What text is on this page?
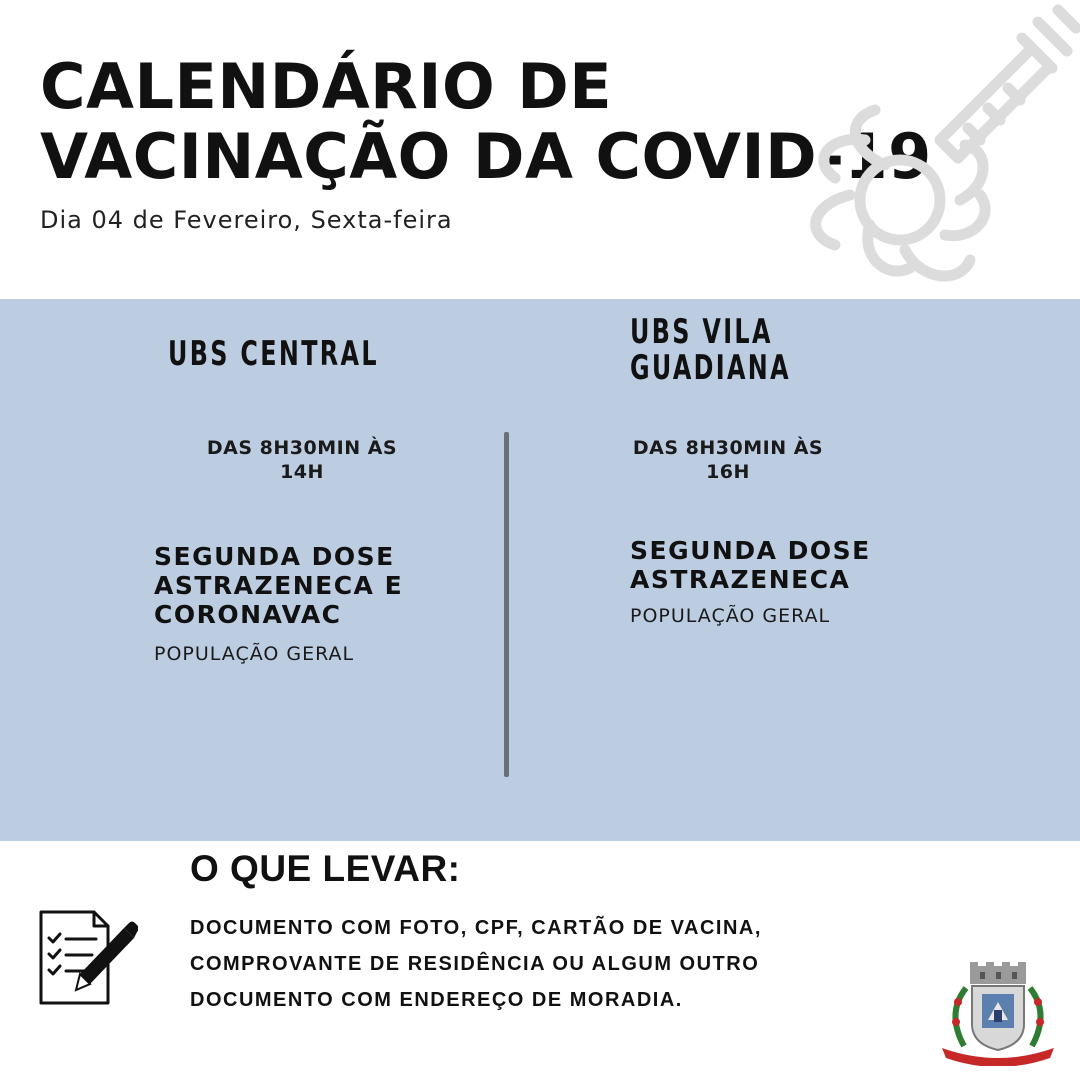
CALENDÁRIO DE
VACINAÇÃO DA COVID-19
Dia 04 de Fevereiro, Sexta-feira
UBS CENTRAL
DAS 8H30MIN ÀS
14H
SEGUNDA DOSE
ASTRAZENECA E
CORONAVAC
POPULAÇÃO GERAL
UBS VILA
GUADIANA
DAS 8H30MIN ÀS
16H
SEGUNDA DOSE
ASTRAZENECA
POPULAÇÃO GERAL
O QUE LEVAR:
DOCUMENTO COM FOTO, CPF, CARTÃO DE VACINA,
COMPROVANTE DE RESIDÊNCIA OU ALGUM OUTRO
DOCUMENTO COM ENDEREÇO DE MORADIA.
